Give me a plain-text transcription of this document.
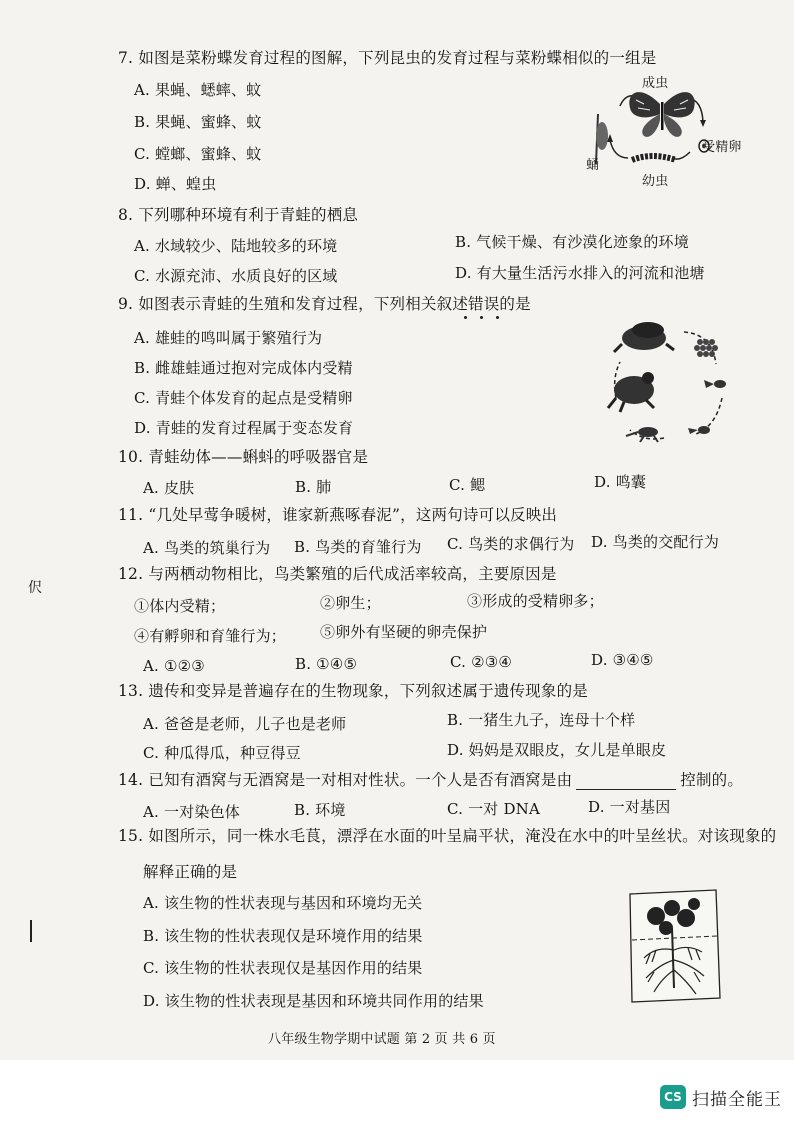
7. 如图是菜粉蝶发育过程的图解，下列昆虫的发育过程与菜粉蝶相似的一组是
A. 果蝇、蟋蟀、蚊
B. 果蝇、蜜蜂、蚊
C. 螳螂、蜜蜂、蚊
D. 蝉、蝗虫
成虫
受精卵
幼虫
蛹
8. 下列哪种环境有利于青蛙的栖息
A. 水域较少、陆地较多的环境	B. 气候干燥、有沙漠化迹象的环境
C. 水源充沛、水质良好的区域	D. 有大量生活污水排入的河流和池塘
9. 如图表示青蛙的生殖和发育过程，下列相关叙述错误的是
A. 雄蛙的鸣叫属于繁殖行为
B. 雌雄蛙通过抱对完成体内受精
C. 青蛙个体发育的起点是受精卵
D. 青蛙的发育过程属于变态发育
10. 青蛙幼体——蝌蚪的呼吸器官是
A. 皮肤	B. 肺	C. 鳃	D. 鸣囊
11. “几处早莺争暖树，谁家新燕啄春泥”，这两句诗可以反映出
A. 鸟类的筑巢行为 B. 鸟类的育雏行为 C. 鸟类的求偶行为 D. 鸟类的交配行为
伬
12. 与两栖动物相比，鸟类繁殖的后代成活率较高，主要原因是
①体内受精；	②卵生；	③形成的受精卵多；
④有孵卵和育雏行为； ⑤卵外有坚硬的卵壳保护
A. ①②③	B. ①④⑤	C. ②③④	D. ③④⑤
13. 遗传和变异是普遍存在的生物现象，下列叙述属于遗传现象的是
A. 爸爸是老师，儿子也是老师	B. 一猪生九子，连母十个样
C. 种瓜得瓜，种豆得豆	D. 妈妈是双眼皮，女儿是单眼皮
14. 已知有酒窝与无酒窝是一对相对性状。一个人是否有酒窝是由	控制的。
A. 一对染色体	B. 环境	C. 一对 DNA	D. 一对基因
15. 如图所示，同一株水毛茛，漂浮在水面的叶呈扁平状，淹没在水中的叶呈丝状。对该现象的
解释正确的是
A. 该生物的性状表现与基因和环境均无关
B. 该生物的性状表现仅是环境作用的结果
C. 该生物的性状表现仅是基因作用的结果
D. 该生物的性状表现是基因和环境共同作用的结果
八年级生物学期中试题 第 2 页 共 6 页
CS 扫描全能王
